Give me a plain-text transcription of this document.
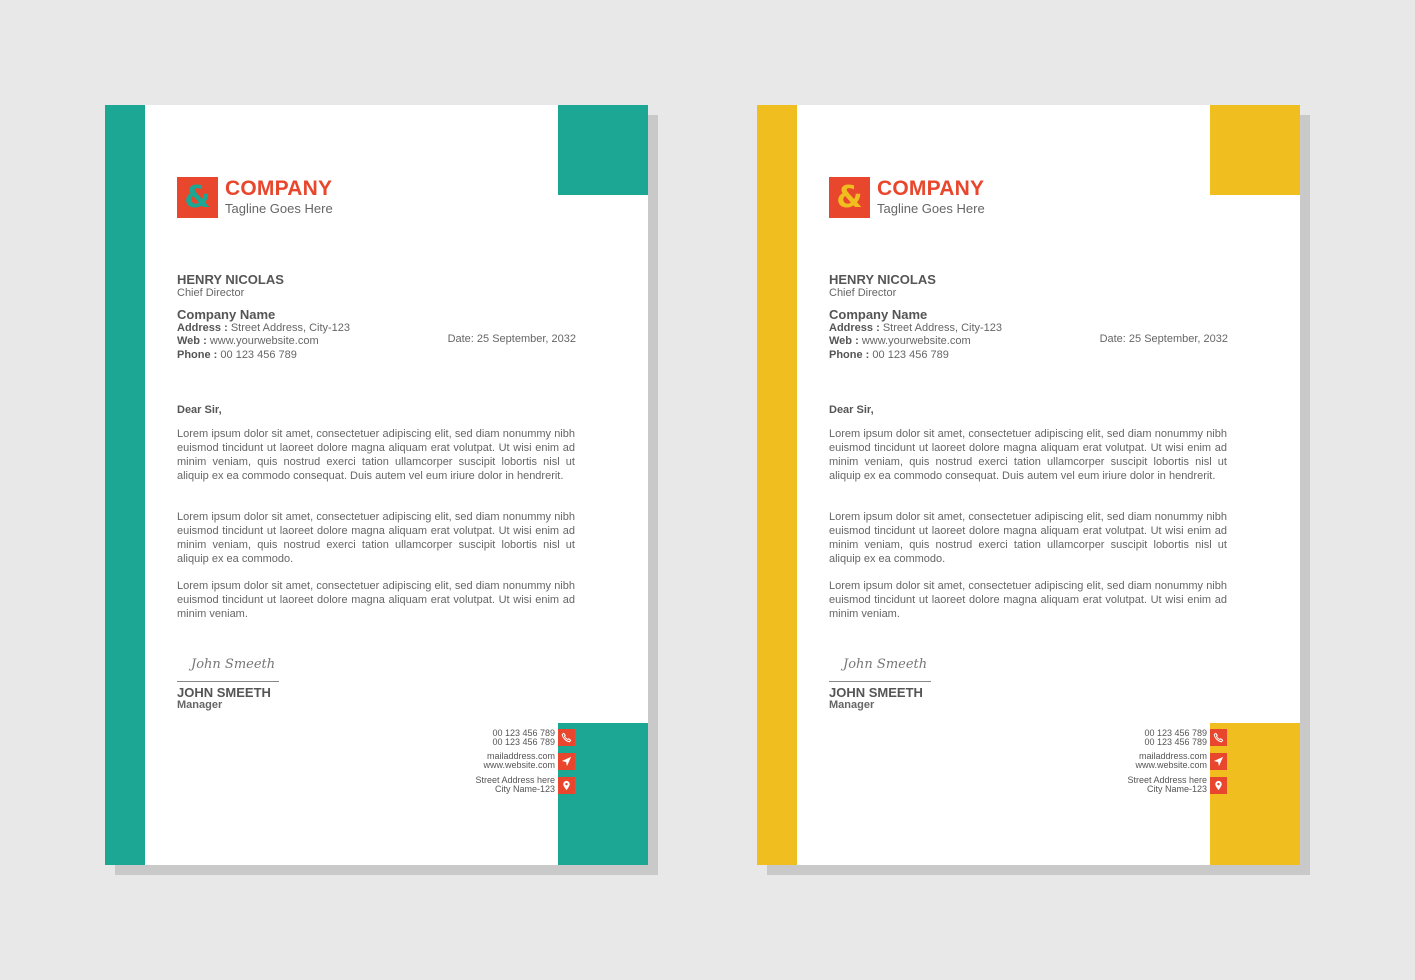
& COMPANY
Tagline Goes Here
HENRY NICOLAS
Chief Director
Company Name
Address : Street Address, City-123
Web : www.yourwebsite.com
Phone : 00 123 456 789
Date: 25 September, 2032
Dear Sir,

Lorem ipsum dolor sit amet, consectetuer adipiscing elit, sed diam nonummy nibh euismod tincidunt ut laoreet dolore magna aliquam erat volutpat. Ut wisi enim ad minim veniam, quis nostrud exerci tation ullamcorper suscipit lobortis nisl ut aliquip ex ea commodo consequat. Duis autem vel eum iriure dolor in hendrerit.

Lorem ipsum dolor sit amet, consectetuer adipiscing elit, sed diam nonummy nibh euismod tincidunt ut laoreet dolore magna aliquam erat volutpat. Ut wisi enim ad minim veniam, quis nostrud exerci tation ullamcorper suscipit lobortis nisl ut aliquip ex ea commodo.

Lorem ipsum dolor sit amet, consectetuer adipiscing elit, sed diam nonummy nibh euismod tincidunt ut laoreet dolore magna aliquam erat volutpat. Ut wisi enim ad minim veniam.

John Smeeth
JOHN SMEETH
Manager
00 123 456 789
00 123 456 789
mailaddress.com
www.website.com
Street Address here
City Name-123
& COMPANY
Tagline Goes Here
HENRY NICOLAS
Chief Director
Company Name
Address : Street Address, City-123
Web : www.yourwebsite.com
Phone : 00 123 456 789
Date: 25 September, 2032
Dear Sir,

Lorem ipsum dolor sit amet, consectetuer adipiscing elit, sed diam nonummy nibh euismod tincidunt ut laoreet dolore magna aliquam erat volutpat. Ut wisi enim ad minim veniam, quis nostrud exerci tation ullamcorper suscipit lobortis nisl ut aliquip ex ea commodo consequat. Duis autem vel eum iriure dolor in hendrerit.

Lorem ipsum dolor sit amet, consectetuer adipiscing elit, sed diam nonummy nibh euismod tincidunt ut laoreet dolore magna aliquam erat volutpat. Ut wisi enim ad minim veniam, quis nostrud exerci tation ullamcorper suscipit lobortis nisl ut aliquip ex ea commodo.

Lorem ipsum dolor sit amet, consectetuer adipiscing elit, sed diam nonummy nibh euismod tincidunt ut laoreet dolore magna aliquam erat volutpat. Ut wisi enim ad minim veniam.

John Smeeth
JOHN SMEETH
Manager
00 123 456 789
00 123 456 789
mailaddress.com
www.website.com
Street Address here
City Name-123
